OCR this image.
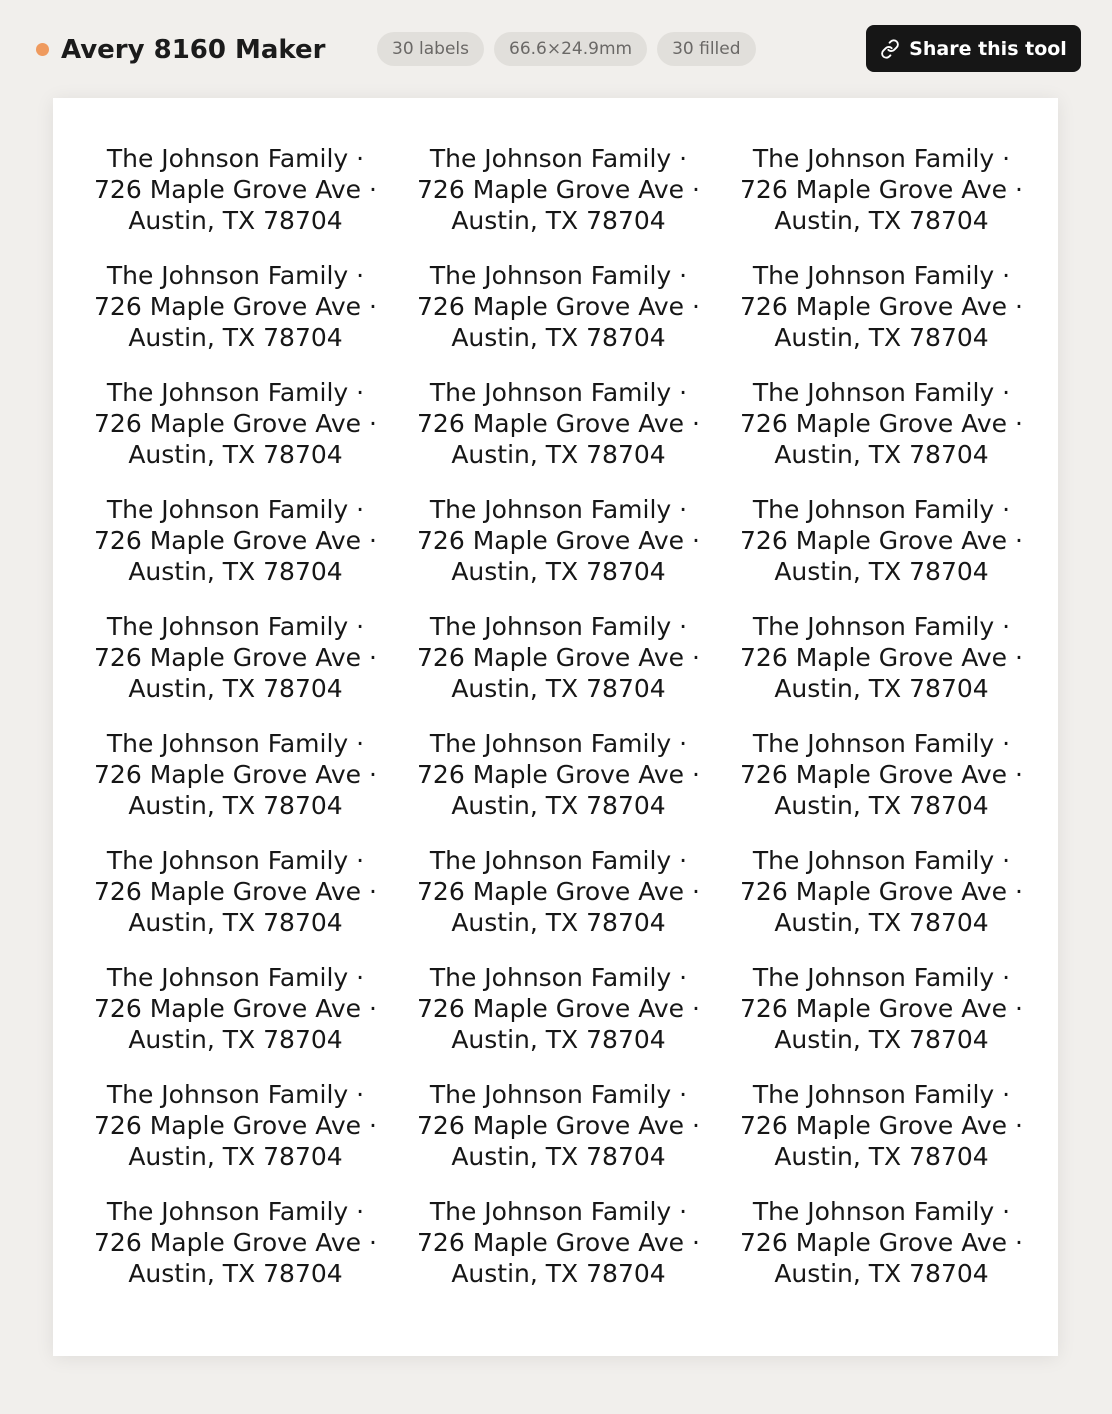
Avery 8160 Maker	30 labels	66.6×24.9mm	30 filled	Share this tool
The Johnson Family ·
726 Maple Grove Ave ·
Austin, TX 78704
The Johnson Family ·
726 Maple Grove Ave ·
Austin, TX 78704
The Johnson Family ·
726 Maple Grove Ave ·
Austin, TX 78704
The Johnson Family ·
726 Maple Grove Ave ·
Austin, TX 78704
The Johnson Family ·
726 Maple Grove Ave ·
Austin, TX 78704
The Johnson Family ·
726 Maple Grove Ave ·
Austin, TX 78704
The Johnson Family ·
726 Maple Grove Ave ·
Austin, TX 78704
The Johnson Family ·
726 Maple Grove Ave ·
Austin, TX 78704
The Johnson Family ·
726 Maple Grove Ave ·
Austin, TX 78704
The Johnson Family ·
726 Maple Grove Ave ·
Austin, TX 78704
The Johnson Family ·
726 Maple Grove Ave ·
Austin, TX 78704
The Johnson Family ·
726 Maple Grove Ave ·
Austin, TX 78704
The Johnson Family ·
726 Maple Grove Ave ·
Austin, TX 78704
The Johnson Family ·
726 Maple Grove Ave ·
Austin, TX 78704
The Johnson Family ·
726 Maple Grove Ave ·
Austin, TX 78704
The Johnson Family ·
726 Maple Grove Ave ·
Austin, TX 78704
The Johnson Family ·
726 Maple Grove Ave ·
Austin, TX 78704
The Johnson Family ·
726 Maple Grove Ave ·
Austin, TX 78704
The Johnson Family ·
726 Maple Grove Ave ·
Austin, TX 78704
The Johnson Family ·
726 Maple Grove Ave ·
Austin, TX 78704
The Johnson Family ·
726 Maple Grove Ave ·
Austin, TX 78704
The Johnson Family ·
726 Maple Grove Ave ·
Austin, TX 78704
The Johnson Family ·
726 Maple Grove Ave ·
Austin, TX 78704
The Johnson Family ·
726 Maple Grove Ave ·
Austin, TX 78704
The Johnson Family ·
726 Maple Grove Ave ·
Austin, TX 78704
The Johnson Family ·
726 Maple Grove Ave ·
Austin, TX 78704
The Johnson Family ·
726 Maple Grove Ave ·
Austin, TX 78704
The Johnson Family ·
726 Maple Grove Ave ·
Austin, TX 78704
The Johnson Family ·
726 Maple Grove Ave ·
Austin, TX 78704
The Johnson Family ·
726 Maple Grove Ave ·
Austin, TX 78704
